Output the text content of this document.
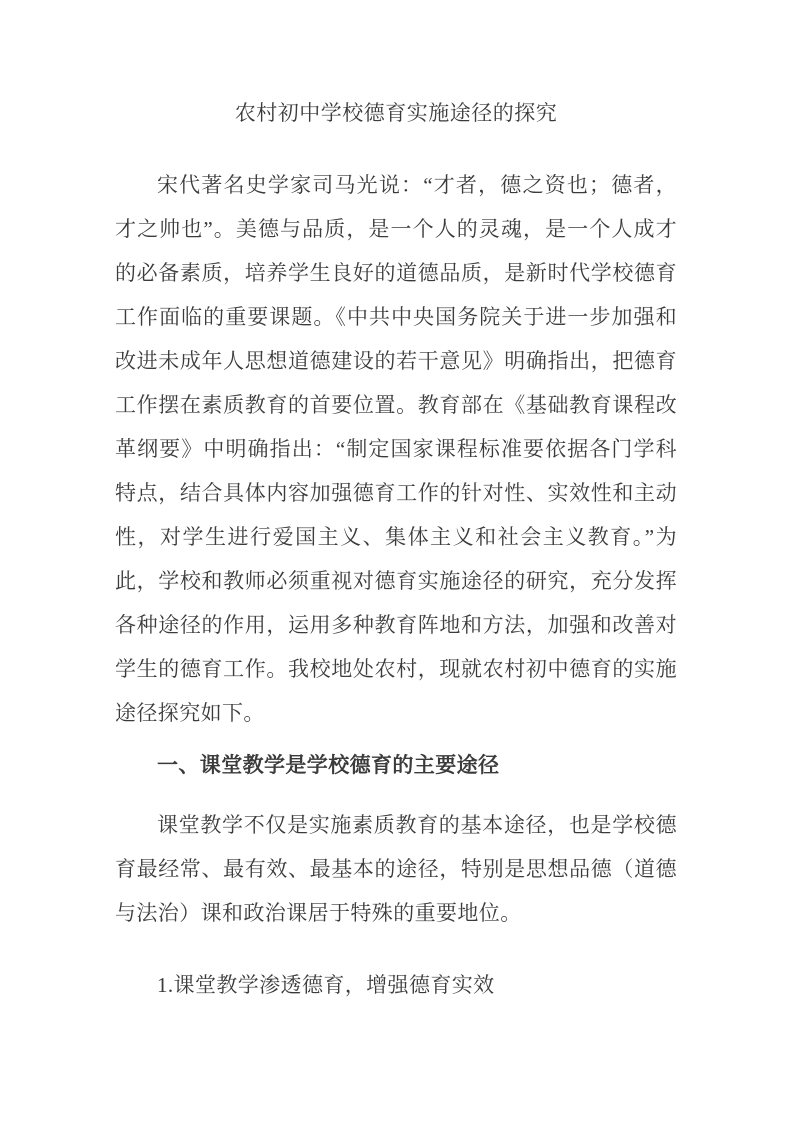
农村初中学校德育实施途径的探究

宋代著名史学家司马光说：“才者，德之资也；德者，才之帅也”。美德与品质，是一个人的灵魂，是一个人成才的必备素质，培养学生良好的道德品质，是新时代学校德育工作面临的重要课题。《中共中央国务院关于进一步加强和改进未成年人思想道德建设的若干意见》明确指出，把德育工作摆在素质教育的首要位置。教育部在《基础教育课程改革纲要》中明确指出：“制定国家课程标准要依据各门学科特点，结合具体内容加强德育工作的针对性、实效性和主动性，对学生进行爱国主义、集体主义和社会主义教育。”为此，学校和教师必须重视对德育实施途径的研究，充分发挥各种途径的作用，运用多种教育阵地和方法，加强和改善对学生的德育工作。我校地处农村，现就农村初中德育的实施途径探究如下。

一、课堂教学是学校德育的主要途径

课堂教学不仅是实施素质教育的基本途径，也是学校德育最经常、最有效、最基本的途径，特别是思想品德（道德与法治）课和政治课居于特殊的重要地位。

1.课堂教学渗透德育，增强德育实效
